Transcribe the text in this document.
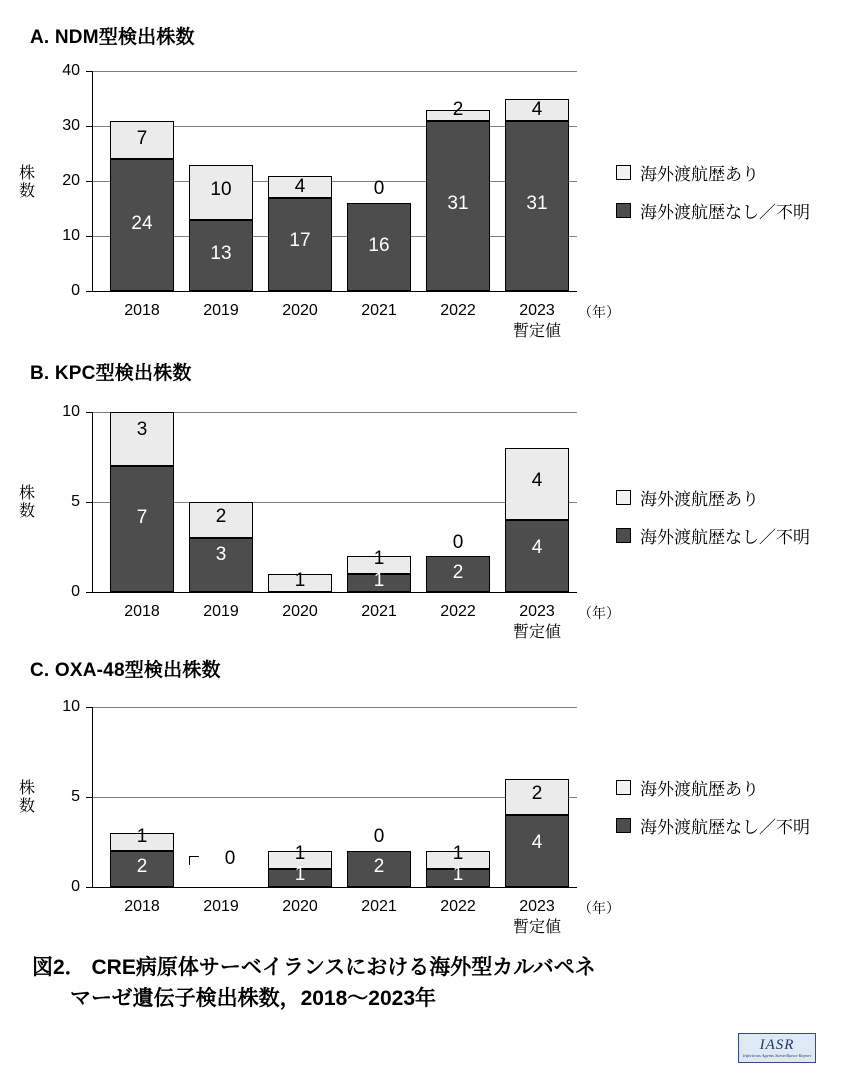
A. NDM型検出株数
40
30
20
10
0
株
数
24
7
13
10
17
4
16
0
31
2
31
4
2018	2019	2020	2021	2022	2023
暫定値
（年）
海外渡航歴あり
海外渡航歴なし／不明
B. KPC型検出株数
10
5
0
株
数	7
3
3
2
1	1
1
2
0	4
4
2018	2019	2020	2021	2022	2023
暫定値
（年）
海外渡航歴あり
海外渡航歴なし／不明
C. OXA-48型検出株数
10
5
0
株
数
2
1
0
1
1
2
0
1
1
4
2
2018	2019	2020	2021	2022	2023
暫定値
（年）
海外渡航歴あり
海外渡航歴なし／不明
図2． CRE病原体サーベイランスにおける海外型カルバペネ
マーゼ遺伝子検出株数，2018〜2023年
IASR
Infectious Agents Surveillance Report
